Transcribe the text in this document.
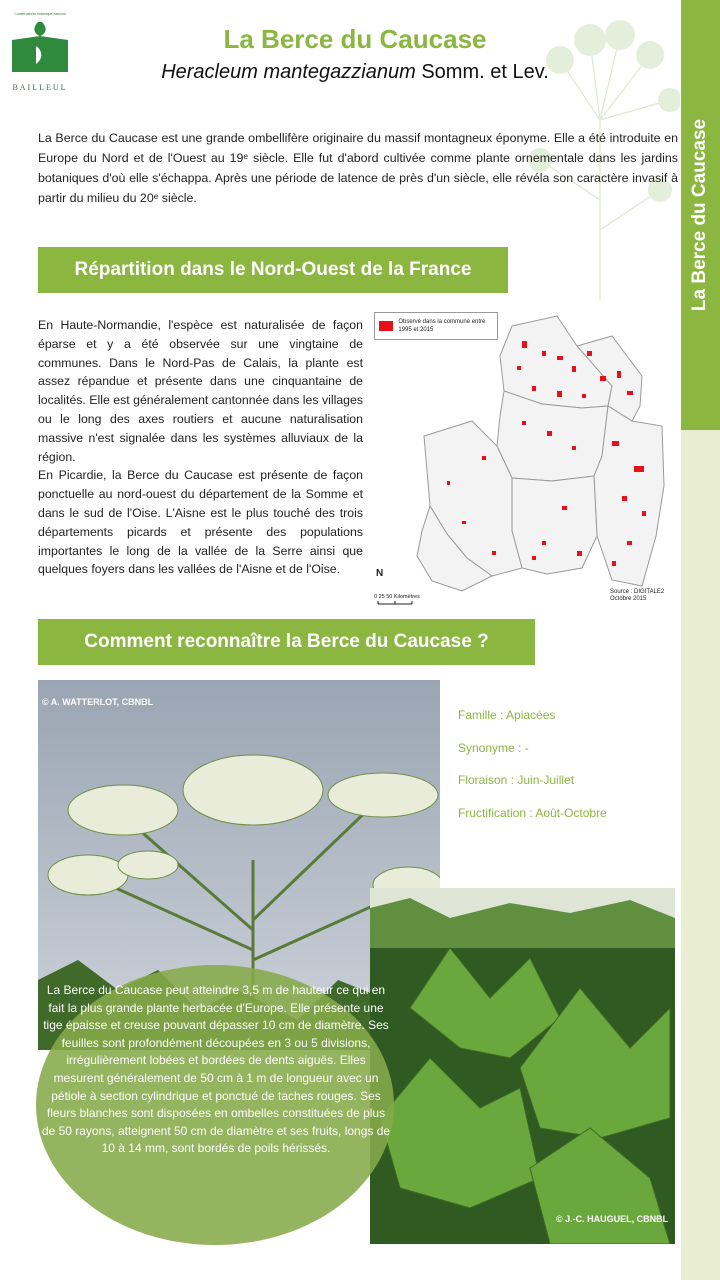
La Berce du Caucase
Conservatoire botanique national
BAILLEUL
La Berce du Caucase
Heracleum mantegazzianum Somm. et Lev.
La Berce du Caucase est une grande ombellifère originaire du massif montagneux éponyme. Elle a été introduite en Europe du Nord et de l'Ouest au 19ᵉ siècle. Elle fut d'abord cultivée comme plante ornementale dans les jardins botaniques d'où elle s'échappa. Après une période de latence de près d'un siècle, elle révéla son caractère invasif à partir du milieu du 20ᵉ siècle.
Répartition dans le Nord-Ouest de la France

En Haute-Normandie, l'espèce est naturalisée de façon éparse et y a été observée sur une vingtaine de communes. Dans le Nord-Pas de Calais, la plante est assez répandue et présente dans une cinquantaine de localités. Elle est généralement cantonnée dans les villages ou le long des axes routiers et aucune naturalisation massive n'est signalée dans les systèmes alluviaux de la région.

En Picardie, la Berce du Caucase est présente de façon ponctuelle au nord-ouest du département de la Somme et dans le sud de l'Oise. L'Aisne est le plus touché des trois départements picards et présente des populations importantes le long de la vallée de la Serre ainsi que quelques foyers dans les vallées de l'Aisne et de l'Oise.

Observé dans la commune entre 1995 et 2015
N
0 25 50 Kilomètres
Source : DIGITALE2
Octobre 2015
Comment reconnaître la Berce du Caucase ?
© A. WATTERLOT, CBNBL
© J.-C. HAUGUEL, CBNBL
Famille : Apiacées
Synonyme : -
Floraison : Juin-Juillet
Fructification : Août-Octobre
La Berce du Caucase peut atteindre 3,5 m de hauteur ce qui en fait la plus grande plante herbacée d'Europe. Elle présente une tige épaisse et creuse pouvant dépasser 10 cm de diamètre. Ses feuilles sont profondément découpées en 3 ou 5 divisions, irrégulièrement lobées et bordées de dents aiguës. Elles mesurent généralement de 50 cm à 1 m de longueur avec un pétiole à section cylindrique et ponctué de taches rouges. Ses fleurs blanches sont disposées en ombelles constituées de plus de 50 rayons, atteignent 50 cm de diamètre et ses fruits, longs de 10 à 14 mm, sont bordés de poils hérissés.
